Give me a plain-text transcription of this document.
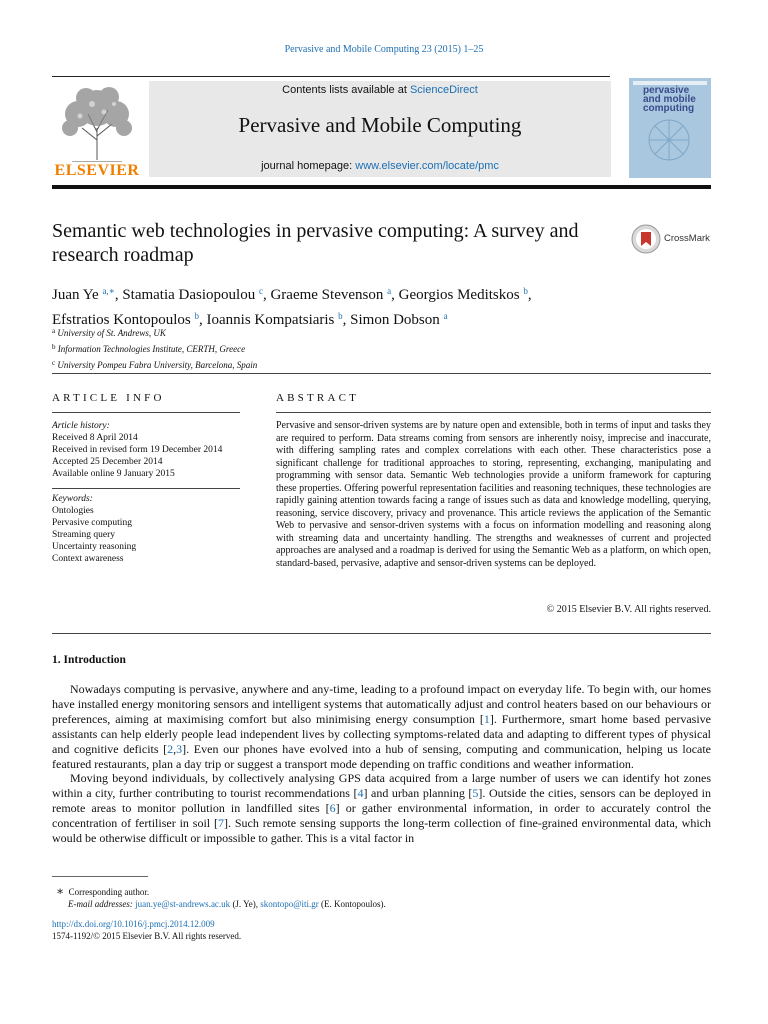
Pervasive and Mobile Computing 23 (2015) 1–25
ELSEVIER
Contents lists available at ScienceDirect
Pervasive and Mobile Computing
journal homepage: www.elsevier.com/locate/pmc
pervasive and mobile computing
Semantic web technologies in pervasive computing: A survey and research roadmap
CrossMark
Juan Ye $^{a,∗}$, Stamatia Dasiopoulou $^c$, Graeme Stevenson $^a$, Georgios Meditskos $^b$,
Efstratios Kontopoulos $^b$, Ioannis Kompatsiaris $^b$, Simon Dobson $^a$
$^a$ University of St. Andrews, UK
$^b$ Information Technologies Institute, CERTH, Greece
$^c$ University Pompeu Fabra University, Barcelona, Spain
ARTICLE INFO	ABSTRACT
Article history:
Received 8 April 2014
Received in revised form 19 December 2014
Accepted 25 December 2014
Available online 9 January 2015
Keywords:
Ontologies
Pervasive computing
Streaming query
Uncertainty reasoning
Context awareness
Pervasive and sensor-driven systems are by nature open and extensible, both in terms of input and tasks they are required to perform. Data streams coming from sensors are inherently noisy, imprecise and inaccurate, with differing sampling rates and complex correlations with each other. These characteristics pose a significant challenge for traditional approaches to storing, representing, exchanging, manipulating and programming with sensor data. Semantic Web technologies provide a uniform framework for capturing these properties. Offering powerful representation facilities and reasoning techniques, these technologies are rapidly gaining attention towards facing a range of issues such as data and knowledge modelling, querying, reasoning, service discovery, privacy and provenance. This article reviews the application of the Semantic Web to pervasive and sensor-driven systems with a focus on information modelling and reasoning along with streaming data and uncertainty handling. The strengths and weaknesses of current and projected approaches are analysed and a roadmap is derived for using the Semantic Web as a platform, on which open, standard-based, pervasive, adaptive and sensor-driven systems can be deployed.
© 2015 Elsevier B.V. All rights reserved.
1. Introduction

Nowadays computing is pervasive, anywhere and any-time, leading to a profound impact on everyday life. To begin with, our homes have installed energy monitoring sensors and intelligent systems that automatically adjust and control heaters based on our behaviours or preferences, aiming at maximising comfort but also minimising energy consumption [1]. Furthermore, smart home based pervasive assistants can help elderly people lead independent lives by collecting symptoms-related data and adapting to different types of physical and cognitive deficits [2,3]. Even our phones have evolved into a hub of sensing, computing and communication, helping us locate featured restaurants, plan a day trip or suggest a transport mode depending on traffic conditions and weather information.

Moving beyond individuals, by collectively analysing GPS data acquired from a large number of users we can identify hot zones within a city, further contributing to tourist recommendations [4] and urban planning [5]. Outside the cities, sensors can be deployed in remote areas to monitor pollution in landfilled sites [6] or gather environmental information, in order to accurately control the concentration of fertiliser in soil [7]. Such remote sensing supports the long-term collection of fine-grained environmental data, which would be otherwise difficult or impossible to gather. This is a vital factor in

∗ Corresponding author.
E-mail addresses: juan.ye@st-andrews.ac.uk (J. Ye), skontopo@iti.gr (E. Kontopoulos).
http://dx.doi.org/10.1016/j.pmcj.2014.12.009
1574-1192/© 2015 Elsevier B.V. All rights reserved.
